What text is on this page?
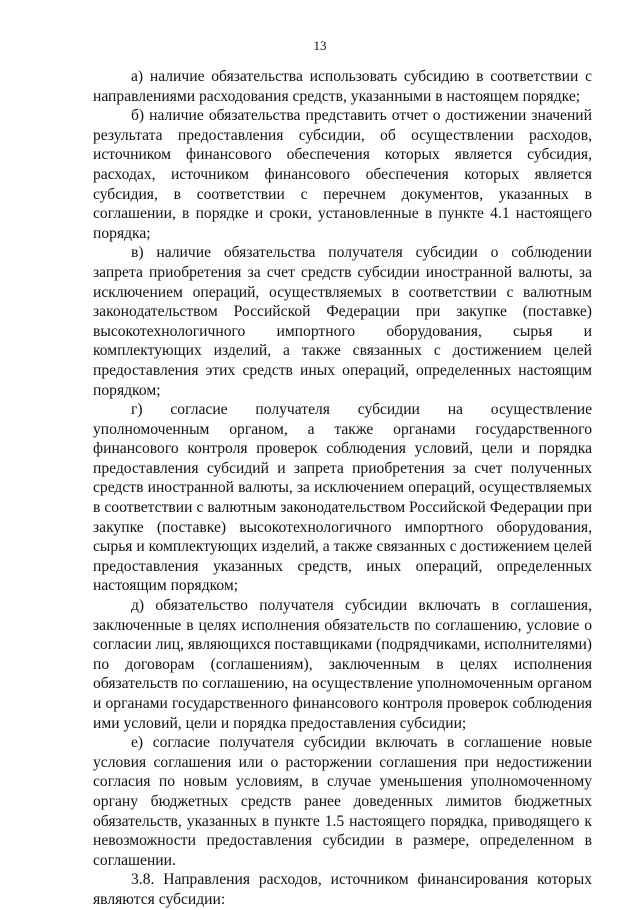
13

а) наличие обязательства использовать субсидию в соответствии с направлениями расходования средств, указанными в настоящем порядке;

б) наличие обязательства представить отчет о достижении значений результата предоставления субсидии, об осуществлении расходов, источником финансового обеспечения которых является субсидия, расходах, источником финансового обеспечения которых является субсидия, в соответствии с перечнем документов, указанных в соглашении, в порядке и сроки, установленные в пункте 4.1 настоящего порядка;

в) наличие обязательства получателя субсидии о соблюдении запрета приобретения за счет средств субсидии иностранной валюты, за исключением операций, осуществляемых в соответствии с валютным законодательством Российской Федерации при закупке (поставке) высокотехнологичного импортного оборудования, сырья и комплектующих изделий, а также связанных с достижением целей предоставления этих средств иных операций, определенных настоящим порядком;

г) согласие получателя субсидии на осуществление уполномоченным органом, а также органами государственного финансового контроля проверок соблюдения условий, цели и порядка предоставления субсидий и запрета приобретения за счет полученных средств иностранной валюты, за исключением операций, осуществляемых в соответствии с валютным законодательством Российской Федерации при закупке (поставке) высокотехнологичного импортного оборудования, сырья и комплектующих изделий, а также связанных с достижением целей предоставления указанных средств, иных операций, определенных настоящим порядком;

д) обязательство получателя субсидии включать в соглашения, заключенные в целях исполнения обязательств по соглашению, условие о согласии лиц, являющихся поставщиками (подрядчиками, исполнителями) по договорам (соглашениям), заключенным в целях исполнения обязательств по соглашению, на осуществление уполномоченным органом и органами государственного финансового контроля проверок соблюдения ими условий, цели и порядка предоставления субсидии;

е) согласие получателя субсидии включать в соглашение новые условия соглашения или о расторжении соглашения при недостижении согласия по новым условиям, в случае уменьшения уполномоченному органу бюджетных средств ранее доведенных лимитов бюджетных обязательств, указанных в пункте 1.5 настоящего порядка, приводящего к невозможности предоставления субсидии в размере, определенном в соглашении.

3.8. Направления расходов, источником финансирования которых являются субсидии:
